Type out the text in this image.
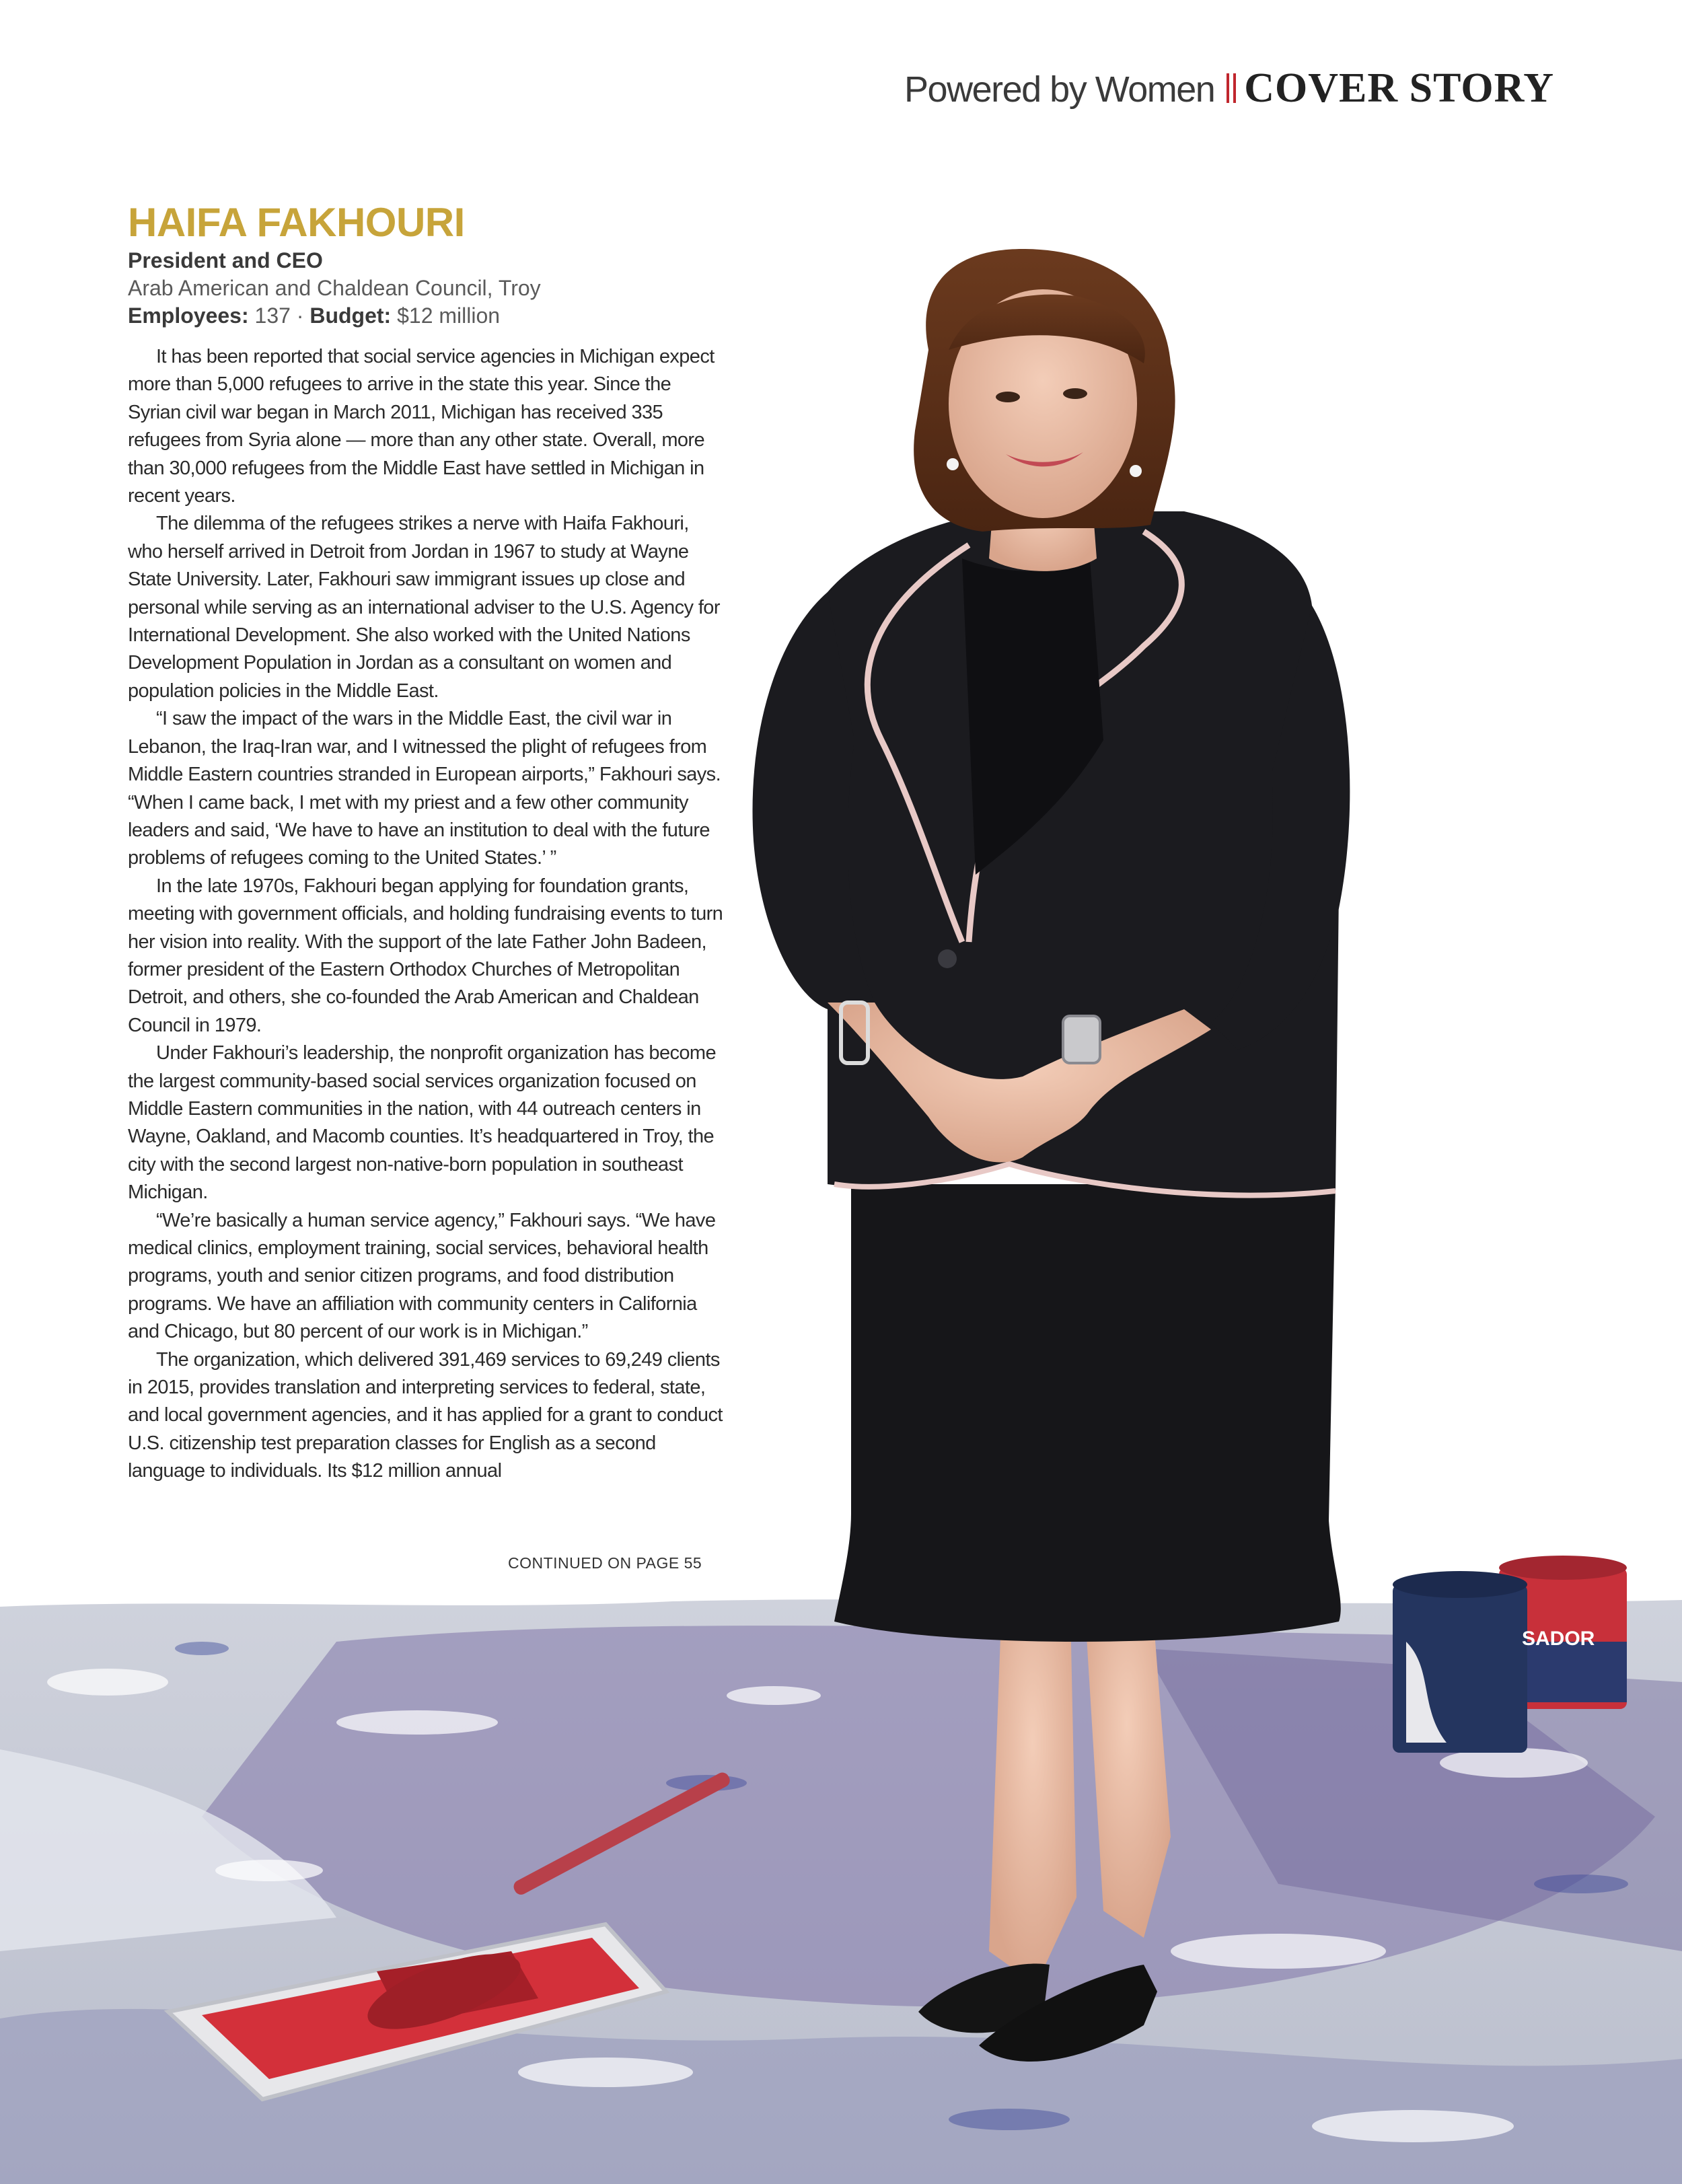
SADOR
Powered by Women COVER STORY
HAIFA FAKHOURI
President and CEO
Arab American and Chaldean Council, Troy
Employees: 137 · Budget: $12 million

It has been reported that social service agencies in Michigan expect more than 5,000 refugees to arrive in the state this year. Since the Syrian civil war began in March 2011, Michigan has received 335 refugees from Syria alone — more than any other state. Overall, more than 30,000 refugees from the Middle East have settled in Michigan in recent years.

The dilemma of the refugees strikes a nerve with Haifa Fakhouri, who herself arrived in Detroit from Jordan in 1967 to study at Wayne State University. Later, Fakhouri saw immigrant issues up close and personal while serving as an international adviser to the U.S. Agency for International Development. She also worked with the United Nations Development Population in Jordan as a consultant on women and population policies in the Middle East.

“I saw the impact of the wars in the Middle East, the civil war in Lebanon, the Iraq-Iran war, and I witnessed the plight of refugees from Middle Eastern countries stranded in European airports,” Fakhouri says. “When I came back, I met with my priest and a few other community leaders and said, ‘We have to have an institution to deal with the future problems of refugees coming to the United States.’ ”

In the late 1970s, Fakhouri began applying for foundation grants, meeting with government officials, and holding fundraising events to turn her vision into reality. With the support of the late Father John Badeen, former president of the Eastern Orthodox Churches of Metropolitan Detroit, and others, she co-founded the Arab American and Chaldean Council in 1979.

Under Fakhouri’s leadership, the nonprofit organization has become the largest community-based social services organization focused on Middle Eastern communities in the nation, with 44 outreach centers in Wayne, Oakland, and Macomb counties. It’s headquartered in Troy, the city with the second largest non-native-born population in southeast Michigan.

“We’re basically a human service agency,” Fakhouri says. “We have medical clinics, employment training, social services, behavioral health programs, youth and senior citizen programs, and food distribution programs. We have an affiliation with community centers in California and Chicago, but 80 percent of our work is in Michigan.”

The organization, which delivered 391,469 services to 69,249 clients in 2015, provides translation and interpreting services to federal, state, and local government agencies, and it has applied for a grant to conduct U.S. citizenship test preparation classes for English as a second language to individuals. Its $12 million annual

CONTINUED ON PAGE 55
